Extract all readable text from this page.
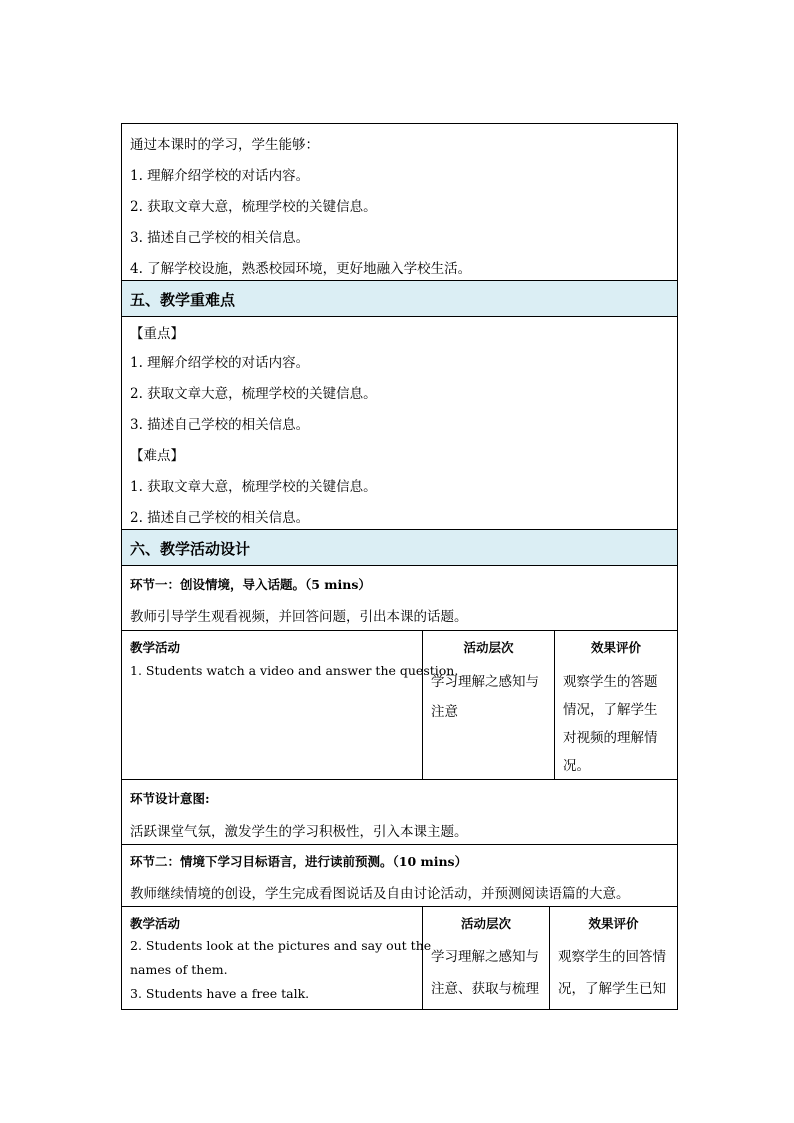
通过本课时的学习，学生能够：
1. 理解介绍学校的对话内容。
2. 获取文章大意，梳理学校的关键信息。
3. 描述自己学校的相关信息。
4. 了解学校设施，熟悉校园环境，更好地融入学校生活。
五、教学重难点
【重点】
1. 理解介绍学校的对话内容。
2. 获取文章大意，梳理学校的关键信息。
3. 描述自己学校的相关信息。
【难点】
1. 获取文章大意，梳理学校的关键信息。
2. 描述自己学校的相关信息。
六、教学活动设计
环节一：创设情境，导入话题。（5 mins）
教师引导学生观看视频，并回答问题，引出本课的话题。
教学活动
1. Students watch a video and answer the question.
活动层次
学习理解之感知与
注意
效果评价
观察学生的答题
情况，了解学生
对视频的理解情
况。
环节设计意图:
活跃课堂气氛，激发学生的学习积极性，引入本课主题。
环节二：情境下学习目标语言，进行读前预测。（10 mins）
教师继续情境的创设，学生完成看图说话及自由讨论活动，并预测阅读语篇的大意。
教学活动
2. Students look at the pictures and say out the
names of them.
3. Students have a free talk.
活动层次
学习理解之感知与
注意、获取与梳理
效果评价
观察学生的回答情
况，了解学生已知
